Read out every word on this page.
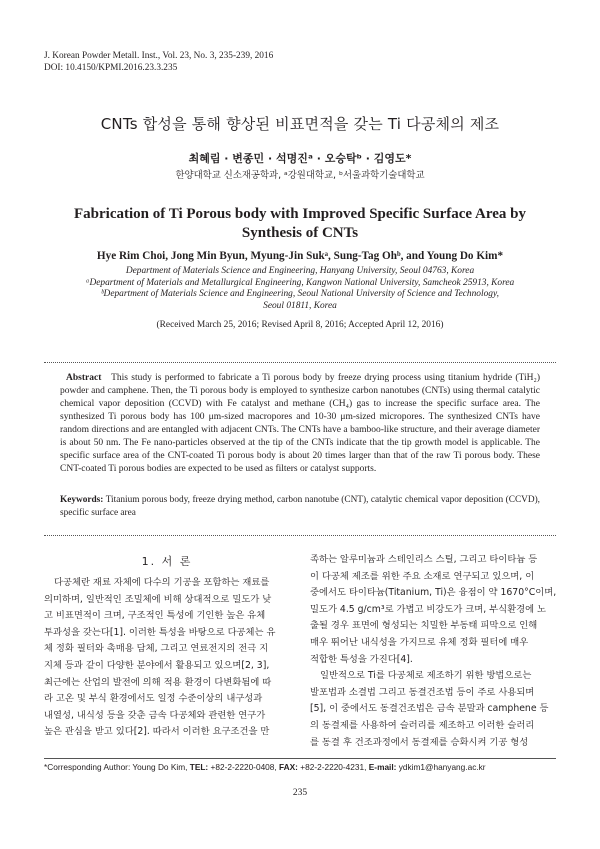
J. Korean Powder Metall. Inst., Vol. 23, No. 3, 235-239, 2016
DOI: 10.4150/KPMI.2016.23.3.235
CNTs 합성을 통해 향상된 비표면적을 갖는 Ti 다공체의 제조
최혜림 · 변종민 · 석명진ᵃ · 오승탁ᵇ · 김영도*
한양대학교 신소재공학과, ᵃ강원대학교, ᵇ서울과학기술대학교
Fabrication of Ti Porous body with Improved Specific Surface Area by Synthesis of CNTs
Hye Rim Choi, Jong Min Byun, Myung-Jin Sukᵃ, Sung-Tag Ohᵇ, and Young Do Kim*
Department of Materials Science and Engineering, Hanyang University, Seoul 04763, Korea
ᵃDepartment of Materials and Metallurgical Engineering, Kangwon National University, Samcheok 25913, Korea
ᵇDepartment of Materials Science and Engineering, Seoul National University of Science and Technology,
Seoul 01811, Korea
(Received March 25, 2016; Revised April 8, 2016; Accepted April 12, 2016)
Abstract This study is performed to fabricate a Ti porous body by freeze drying process using titanium hydride (TiH₂) powder and camphene. Then, the Ti porous body is employed to synthesize carbon nanotubes (CNTs) using thermal catalytic chemical vapor deposition (CCVD) with Fe catalyst and methane (CH₄) gas to increase the specific surface area. The synthesized Ti porous body has 100 μm-sized macropores and 10-30 μm-sized micropores. The synthesized CNTs have random directions and are entangled with adjacent CNTs. The CNTs have a bamboo-like structure, and their average diameter is about 50 nm. The Fe nano-particles observed at the tip of the CNTs indicate that the tip growth model is applicable. The specific surface area of the CNT-coated Ti porous body is about 20 times larger than that of the raw Ti porous body. These CNT-coated Ti porous bodies are expected to be used as filters or catalyst supports.
Keywords: Titanium porous body, freeze drying method, carbon nanotube (CNT), catalytic chemical vapor deposition (CCVD), specific surface area
1. 서 론
다공체란 재료 자체에 다수의 기공을 포함하는 재료를
의미하며, 일반적인 조밀체에 비해 상대적으로 밀도가 낮
고 비표면적이 크며, 구조적인 특성에 기인한 높은 유체
투과성을 갖는다[1]. 이러한 특성을 바탕으로 다공체는 유
체 정화 필터와 촉매용 담체, 그리고 연료전지의 전극 지
지체 등과 같이 다양한 분야에서 활용되고 있으며[2, 3],
최근에는 산업의 발전에 의해 적용 환경이 다변화됨에 따
라 고온 및 부식 환경에서도 일정 수준이상의 내구성과
내열성, 내식성 등을 갖춘 금속 다공체와 관련한 연구가
높은 관심을 받고 있다[2]. 따라서 이러한 요구조건을 만
족하는 알루미늄과 스테인리스 스틸, 그리고 타이타늄 등
이 다공체 제조를 위한 주요 소재로 연구되고 있으며, 이
중에서도 타이타늄(Titanium, Ti)은 융점이 약 1670°C이며,
밀도가 4.5 g/cm³로 가볍고 비강도가 크며, 부식환경에 노
출될 경우 표면에 형성되는 치밀한 부동태 피막으로 인해
매우 뛰어난 내식성을 가지므로 유체 정화 필터에 매우
적합한 특성을 가진다[4].
일반적으로 Ti를 다공체로 제조하기 위한 방법으로는
발포법과 소결법 그리고 동결건조법 등이 주로 사용되며
[5], 이 중에서도 동결건조법은 금속 분말과 camphene 등
의 동결제를 사용하여 슬러리를 제조하고 이러한 슬러리
를 동결 후 건조과정에서 동결제를 승화시켜 기공 형성
*Corresponding Author: Young Do Kim, TEL: +82-2-2220-0408, FAX: +82-2-2220-4231, E-mail: ydkim1@hanyang.ac.kr
235
